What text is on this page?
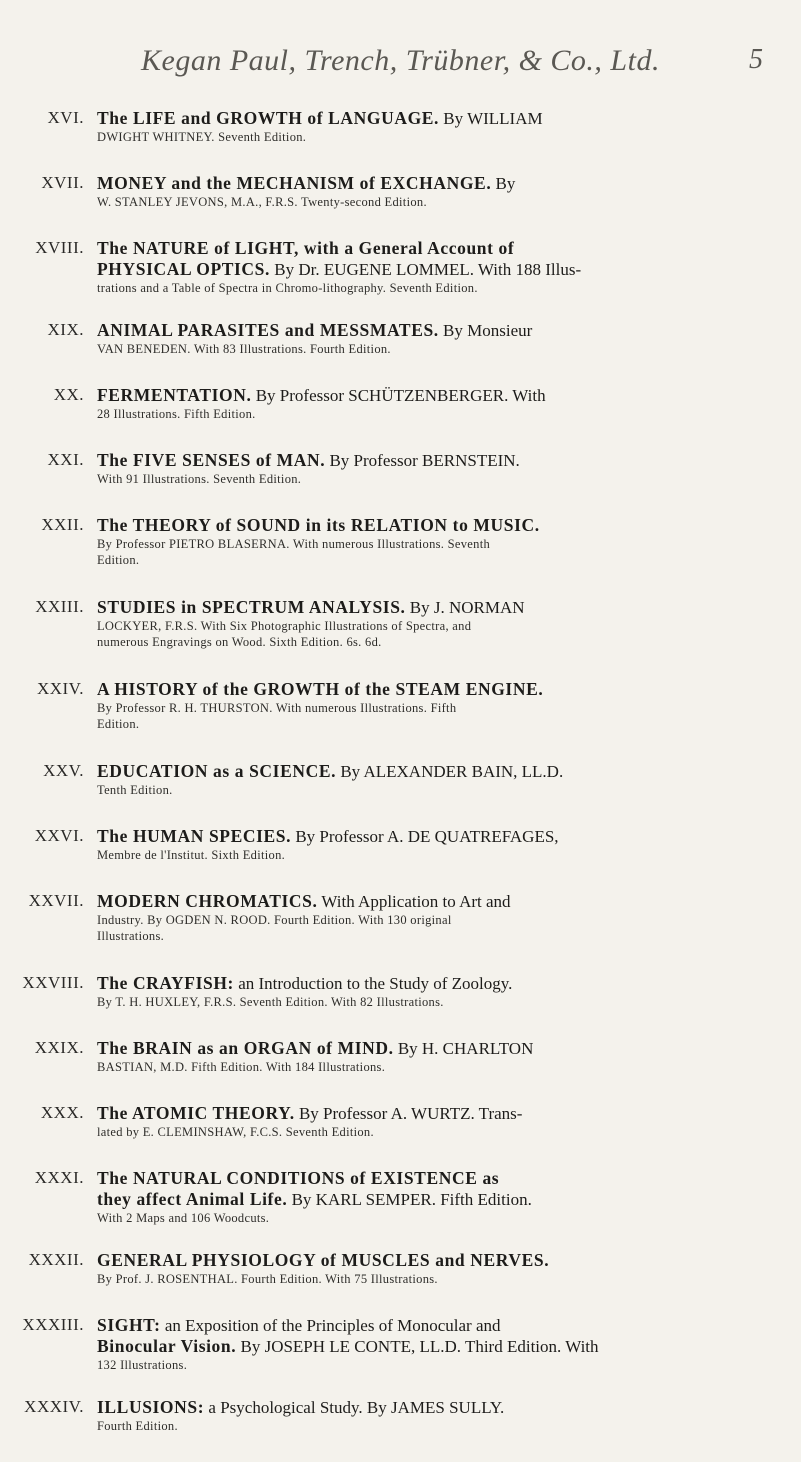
Kegan Paul, Trench, Trübner, & Co., Ltd.	5
XVI. The LIFE and GROWTH of LANGUAGE. By WILLIAM
DWIGHT WHITNEY. Seventh Edition.
XVII. MONEY and the MECHANISM of EXCHANGE. By
W. STANLEY JEVONS, M.A., F.R.S. Twenty-second Edition.
XVIII. The NATURE of LIGHT, with a General Account of
PHYSICAL OPTICS. By Dr. EUGENE LOMMEL. With 188 Illus-
trations and a Table of Spectra in Chromo-lithography. Seventh Edition.
XIX. ANIMAL PARASITES and MESSMATES. By Monsieur
VAN BENEDEN. With 83 Illustrations. Fourth Edition.
XX. FERMENTATION. By Professor SCHÜTZENBERGER. With
28 Illustrations. Fifth Edition.
XXI. The FIVE SENSES of MAN. By Professor BERNSTEIN.
With 91 Illustrations. Seventh Edition.
XXII. The THEORY of SOUND in its RELATION to MUSIC.
By Professor PIETRO BLASERNA. With numerous Illustrations. Seventh
Edition.
XXIII. STUDIES in SPECTRUM ANALYSIS. By J. NORMAN
LOCKYER, F.R.S. With Six Photographic Illustrations of Spectra, and
numerous Engravings on Wood. Sixth Edition. 6s. 6d.
XXIV. A HISTORY of the GROWTH of the STEAM ENGINE.
By Professor R. H. THURSTON. With numerous Illustrations. Fifth
Edition.
XXV. EDUCATION as a SCIENCE. By ALEXANDER BAIN, LL.D.
Tenth Edition.
XXVI. The HUMAN SPECIES. By Professor A. DE QUATREFAGES,
Membre de l'Institut. Sixth Edition.
XXVII. MODERN CHROMATICS. With Application to Art and
Industry. By OGDEN N. ROOD. Fourth Edition. With 130 original
Illustrations.
XXVIII. The CRAYFISH: an Introduction to the Study of Zoology.
By T. H. HUXLEY, F.R.S. Seventh Edition. With 82 Illustrations.
XXIX. The BRAIN as an ORGAN of MIND. By H. CHARLTON
BASTIAN, M.D. Fifth Edition. With 184 Illustrations.
XXX. The ATOMIC THEORY. By Professor A. WURTZ. Trans-
lated by E. CLEMINSHAW, F.C.S. Seventh Edition.
XXXI. The NATURAL CONDITIONS of EXISTENCE as
they affect Animal Life. By KARL SEMPER. Fifth Edition.
With 2 Maps and 106 Woodcuts.
XXXII. GENERAL PHYSIOLOGY of MUSCLES and NERVES.
By Prof. J. ROSENTHAL. Fourth Edition. With 75 Illustrations.
XXXIII. SIGHT: an Exposition of the Principles of Monocular and
Binocular Vision. By JOSEPH LE CONTE, LL.D. Third Edition. With
132 Illustrations.
XXXIV. ILLUSIONS: a Psychological Study. By JAMES SULLY.
Fourth Edition.
